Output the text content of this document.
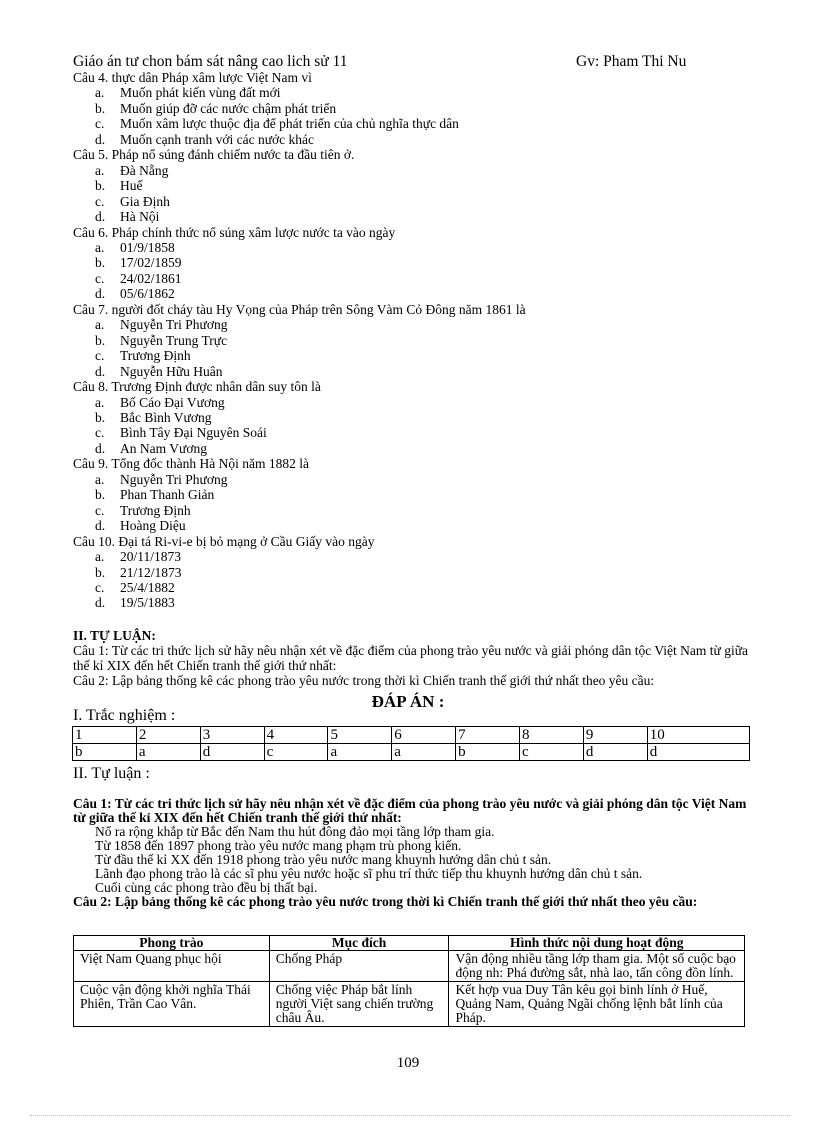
Giáo án tư chon bám sát nâng cao lich sử 11	Gv: Pham Thi Nu

Câu 4. thực dân Pháp xâm lược Việt Nam vì

a. Muốn phát kiến vùng đất mới

b. Muốn giúp đỡ các nước chậm phát triển

c. Muốn xâm lược thuộc địa để phát triển của chủ nghĩa thực dân

d. Muốn cạnh tranh với các nước khác

Câu 5. Pháp nổ súng đánh chiếm nước ta đầu tiên ở.

a. Đà Nẵng

b. Huế

c. Gia Định

d. Hà Nội

Câu 6. Pháp chính thức nổ súng xâm lược nước ta vào ngày

a. 01/9/1858

b. 17/02/1859

c. 24/02/1861

d. 05/6/1862

Câu 7. người đốt cháy tàu Hy Vọng của Pháp trên Sông Vàm Cỏ Đông năm 1861 là

a. Nguyễn Tri Phương

b. Nguyễn Trung Trực

c. Trương Định

d. Nguyễn Hữu Huân

Câu 8. Trương Định được nhân dân suy tôn là

a. Bố Cáo Đại Vương

b. Bắc Bình Vương

c. Bình Tây Đại Nguyên Soái

d. An Nam Vương

Câu 9. Tổng đốc thành Hà Nội năm 1882 là

a. Nguyễn Tri Phương

b. Phan Thanh Giản

c. Trương Định

d. Hoàng Diệu

Câu 10. Đại tá Ri-vi-e bị bỏ mạng ở Cầu Giấy vào ngày

a. 20/11/1873

b. 21/12/1873

c. 25/4/1882

d. 19/5/1883

II. TỰ LUẬN:

Câu 1: Từ các tri thức lịch sử hãy nêu nhận xét về đặc điểm của phong trào yêu nước và giải phóng dân tộc Việt Nam từ giữa thế kỉ XIX đến hết Chiến tranh thế giới thứ nhất:

Câu 2: Lập bảng thống kê các phong trào yêu nước trong thời kì Chiến tranh thế giới thứ nhất theo yêu cầu:

ĐÁP ÁN :
I. Trắc nghiệm :
1	2	3	4	5	6	7	8	9	10
b	a	d	c	a	a	b	c	d	d
II. Tự luận :

Câu 1: Từ các tri thức lịch sử hãy nêu nhận xét về đặc điểm của phong trào yêu nước và giải phóng dân tộc Việt Nam từ giữa thế kỉ XIX đến hết Chiến tranh thế giới thứ nhất:

Nổ ra rộng khắp từ Bắc đến Nam thu hút đông đảo mọi tầng lớp tham gia.

Từ 1858 đến 1897 phong trào yêu nước mang phạm trù phong kiến.

Từ đầu thế kỉ XX đến 1918 phong trào yêu nước mang khuynh hướng dân chủ t sản.

Lãnh đạo phong trào là các sĩ phu yêu nước hoặc sĩ phu trí thức tiếp thu khuynh hướng dân chủ t sản.

Cuối cùng các phong trào đều bị thất bại.

Câu 2: Lập bảng thống kê các phong trào yêu nước trong thời kì Chiến tranh thế giới thứ nhất theo yêu cầu:

Phong trào	Mục đích	Hình thức nội dung hoạt động
Việt Nam Quang phục hội	Chống Pháp	Vận động nhiều tầng lớp tham gia. Một số cuộc bạo động nh: Phá đường sắt, nhà lao, tấn công đồn lính.
Cuộc vận động khởi nghĩa Thái Phiên, Trần Cao Vân.	Chống việc Pháp bắt lính người Việt sang chiến trường châu Âu.	Kết hợp vua Duy Tân kêu gọi binh lính ở Huế, Quảng Nam, Quảng Ngãi chống lệnh bắt lính của Pháp.
109
